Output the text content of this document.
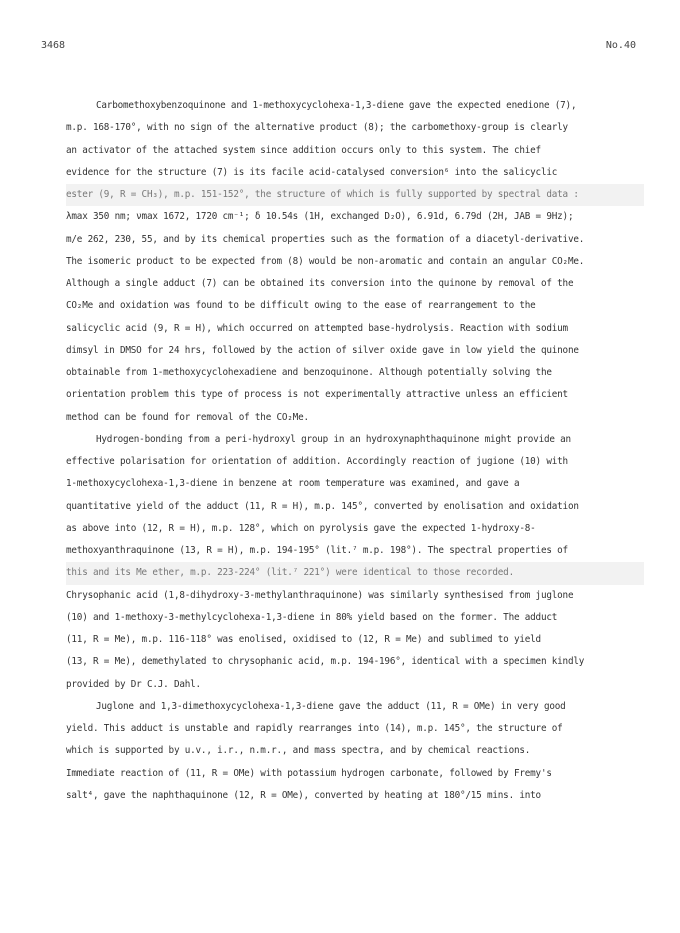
3468	No.40
Carbomethoxybenzoquinone and 1-methoxycyclohexa-1,3-diene gave the expected enedione (7),
m.p. 168-170°, with no sign of the alternative product (8); the carbomethoxy-group is clearly
an activator of the attached system since addition occurs only to this system. The chief
evidence for the structure (7) is its facile acid-catalysed conversion⁶ into the salicyclic
ester (9, R = CH₃), m.p. 151-152°, the structure of which is fully supported by spectral data :
λmax 350 nm; νmax 1672, 1720 cm⁻¹; δ 10.54s (1H, exchanged D₂O), 6.91d, 6.79d (2H, JAB = 9Hz);
m/e 262, 230, 55, and by its chemical properties such as the formation of a diacetyl-derivative.
The isomeric product to be expected from (8) would be non-aromatic and contain an angular CO₂Me.
Although a single adduct (7) can be obtained its conversion into the quinone by removal of the
CO₂Me and oxidation was found to be difficult owing to the ease of rearrangement to the
salicyclic acid (9, R = H), which occurred on attempted base-hydrolysis. Reaction with sodium
dimsyl in DMSO for 24 hrs, followed by the action of silver oxide gave in low yield the quinone
obtainable from 1-methoxycyclohexadiene and benzoquinone. Although potentially solving the
orientation problem this type of process is not experimentally attractive unless an efficient
method can be found for removal of the CO₂Me.
Hydrogen-bonding from a peri-hydroxyl group in an hydroxynaphthaquinone might provide an
effective polarisation for orientation of addition. Accordingly reaction of jugione (10) with
1-methoxycyclohexa-1,3-diene in benzene at room temperature was examined, and gave a
quantitative yield of the adduct (11, R = H), m.p. 145°, converted by enolisation and oxidation
as above into (12, R = H), m.p. 128°, which on pyrolysis gave the expected 1-hydroxy-8-
methoxyanthraquinone (13, R = H), m.p. 194-195° (lit.⁷ m.p. 198°). The spectral properties of
this and its Me ether, m.p. 223-224° (lit.⁷ 221°) were identical to those recorded.
Chrysophanic acid (1,8-dihydroxy-3-methylanthraquinone) was similarly synthesised from juglone
(10) and 1-methoxy-3-methylcyclohexa-1,3-diene in 80% yield based on the former. The adduct
(11, R = Me), m.p. 116-118° was enolised, oxidised to (12, R = Me) and sublimed to yield
(13, R = Me), demethylated to chrysophanic acid, m.p. 194-196°, identical with a specimen kindly
provided by Dr C.J. Dahl.
Juglone and 1,3-dimethoxycyclohexa-1,3-diene gave the adduct (11, R = OMe) in very good
yield. This adduct is unstable and rapidly rearranges into (14), m.p. 145°, the structure of
which is supported by u.v., i.r., n.m.r., and mass spectra, and by chemical reactions.
Immediate reaction of (11, R = OMe) with potassium hydrogen carbonate, followed by Fremy's
salt⁴, gave the naphthaquinone (12, R = OMe), converted by heating at 180°/15 mins. into
